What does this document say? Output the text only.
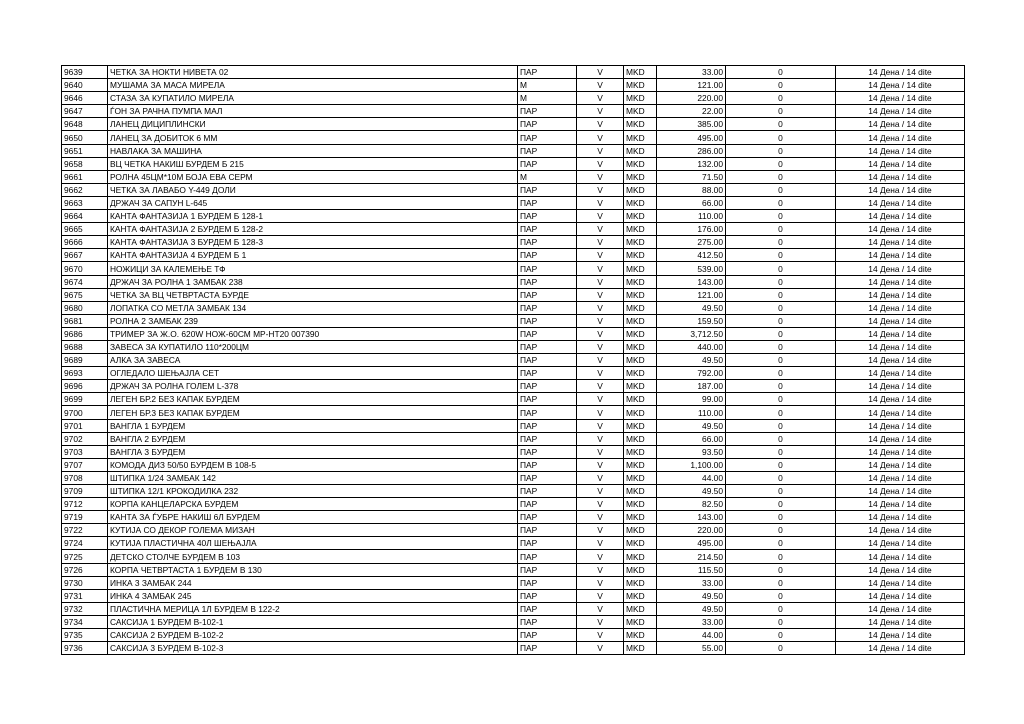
9639	ЧЕТКА ЗА НОКТИ НИВЕТА 02	ПАР	V	MKD	33.00	0	14 Дена / 14 dite
9640	МУШАМА ЗА МАСА МИРЕЛА	М	V	MKD	121.00	0	14 Дена / 14 dite
9646	СТАЗА ЗА КУПАТИЛО МИРЕЛА	М	V	MKD	220.00	0	14 Дена / 14 dite
9647	ЃОН ЗА РАЧНА ПУМПА МАЛ	ПАР	V	MKD	22.00	0	14 Дена / 14 dite
9648	ЛАНЕЦ ДИЦИПЛИНСКИ	ПАР	V	MKD	385.00	0	14 Дена / 14 dite
9650	ЛАНЕЦ ЗА ДОБИТОК 6 ММ	ПАР	V	MKD	495.00	0	14 Дена / 14 dite
9651	НАВЛАКА ЗА МАШИНА	ПАР	V	MKD	286.00	0	14 Дена / 14 dite
9658	ВЦ ЧЕТКА НАКИШ БУРДЕМ Б 215	ПАР	V	MKD	132.00	0	14 Дена / 14 dite
9661	РОЛНА 45ЦМ*10М БОЈА ЕВА СЕРМ	М	V	MKD	71.50	0	14 Дена / 14 dite
9662	ЧЕТКА ЗА ЛАВАБО Y-449 ДОЛИ	ПАР	V	MKD	88.00	0	14 Дена / 14 dite
9663	ДРЖАЧ ЗА САПУН L-645	ПАР	V	MKD	66.00	0	14 Дена / 14 dite
9664	КАНТА ФАНТАЗИЈА 1 БУРДЕМ Б 128-1	ПАР	V	MKD	110.00	0	14 Дена / 14 dite
9665	КАНТА ФАНТАЗИЈА 2 БУРДЕМ Б 128-2	ПАР	V	MKD	176.00	0	14 Дена / 14 dite
9666	КАНТА ФАНТАЗИЈА 3 БУРДЕМ Б 128-3	ПАР	V	MKD	275.00	0	14 Дена / 14 dite
9667	КАНТА ФАНТАЗИЈА 4 БУРДЕМ Б 1	ПАР	V	MKD	412.50	0	14 Дена / 14 dite
9670	НОЖИЦИ ЗА КАЛЕМЕЊЕ ТФ	ПАР	V	MKD	539.00	0	14 Дена / 14 dite
9674	ДРЖАЧ ЗА РОЛНА 1 ЗАМБАК 238	ПАР	V	MKD	143.00	0	14 Дена / 14 dite
9675	ЧЕТКА ЗА ВЦ ЧЕТВРТАСТА БУРДЕ	ПАР	V	MKD	121.00	0	14 Дена / 14 dite
9680	ЛОПАТКА СО МЕТЛА ЗАМБАК 134	ПАР	V	MKD	49.50	0	14 Дена / 14 dite
9681	РОЛНА 2 ЗАМБАК 239	ПАР	V	MKD	159.50	0	14 Дена / 14 dite
9686	ТРИМЕР ЗА Ж.О. 620W НОЖ-60СМ MP-HT20 007390	ПАР	V	MKD	3,712.50	0	14 Дена / 14 dite
9688	ЗАВЕСА ЗА КУПАТИЛО 110*200ЦМ	ПАР	V	MKD	440.00	0	14 Дена / 14 dite
9689	АЛКА ЗА ЗАВЕСА	ПАР	V	MKD	49.50	0	14 Дена / 14 dite
9693	ОГЛЕДАЛО ШЕЊАЈЛА СЕТ	ПАР	V	MKD	792.00	0	14 Дена / 14 dite
9696	ДРЖАЧ ЗА РОЛНА ГОЛЕМ L-378	ПАР	V	MKD	187.00	0	14 Дена / 14 dite
9699	ЛЕГЕН БР.2 БЕЗ КАПАК БУРДЕМ	ПАР	V	MKD	99.00	0	14 Дена / 14 dite
9700	ЛЕГЕН БР.3 БЕЗ КАПАК БУРДЕМ	ПАР	V	MKD	110.00	0	14 Дена / 14 dite
9701	ВАНГЛА 1 БУРДЕМ	ПАР	V	MKD	49.50	0	14 Дена / 14 dite
9702	ВАНГЛА 2 БУРДЕМ	ПАР	V	MKD	66.00	0	14 Дена / 14 dite
9703	ВАНГЛА 3 БУРДЕМ	ПАР	V	MKD	93.50	0	14 Дена / 14 dite
9707	КОМОДА ДИЗ 50/50 БУРДЕМ В 108-5	ПАР	V	MKD	1,100.00	0	14 Дена / 14 dite
9708	ШТИПКА 1/24 ЗАМБАК 142	ПАР	V	MKD	44.00	0	14 Дена / 14 dite
9709	ШТИПКА 12/1 КРОКОДИЛКА 232	ПАР	V	MKD	49.50	0	14 Дена / 14 dite
9712	КОРПА КАНЦЕЛАРСКА БУРДЕМ	ПАР	V	MKD	82.50	0	14 Дена / 14 dite
9719	КАНТА ЗА ЃУБРЕ НАКИШ 6Л БУРДЕМ	ПАР	V	MKD	143.00	0	14 Дена / 14 dite
9722	КУТИЈА СО ДЕКОР ГОЛЕМА МИЗАН	ПАР	V	MKD	220.00	0	14 Дена / 14 dite
9724	КУТИЈА ПЛАСТИЧНА 40Л ШЕЊАЈЛА	ПАР	V	MKD	495.00	0	14 Дена / 14 dite
9725	ДЕТСКО СТОЛЧЕ БУРДЕМ В 103	ПАР	V	MKD	214.50	0	14 Дена / 14 dite
9726	КОРПА ЧЕТВРТАСТА 1 БУРДЕМ В 130	ПАР	V	MKD	115.50	0	14 Дена / 14 dite
9730	ИНКА 3 ЗАМБАК 244	ПАР	V	MKD	33.00	0	14 Дена / 14 dite
9731	ИНКА 4 ЗАМБАК 245	ПАР	V	MKD	49.50	0	14 Дена / 14 dite
9732	ПЛАСТИЧНА МЕРИЦА 1Л БУРДЕМ В 122-2	ПАР	V	MKD	49.50	0	14 Дена / 14 dite
9734	САКСИЈА 1 БУРДЕМ В-102-1	ПАР	V	MKD	33.00	0	14 Дена / 14 dite
9735	САКСИЈА 2 БУРДЕМ В-102-2	ПАР	V	MKD	44.00	0	14 Дена / 14 dite
9736	САКСИЈА 3 БУРДЕМ В-102-3	ПАР	V	MKD	55.00	0	14 Дена / 14 dite
